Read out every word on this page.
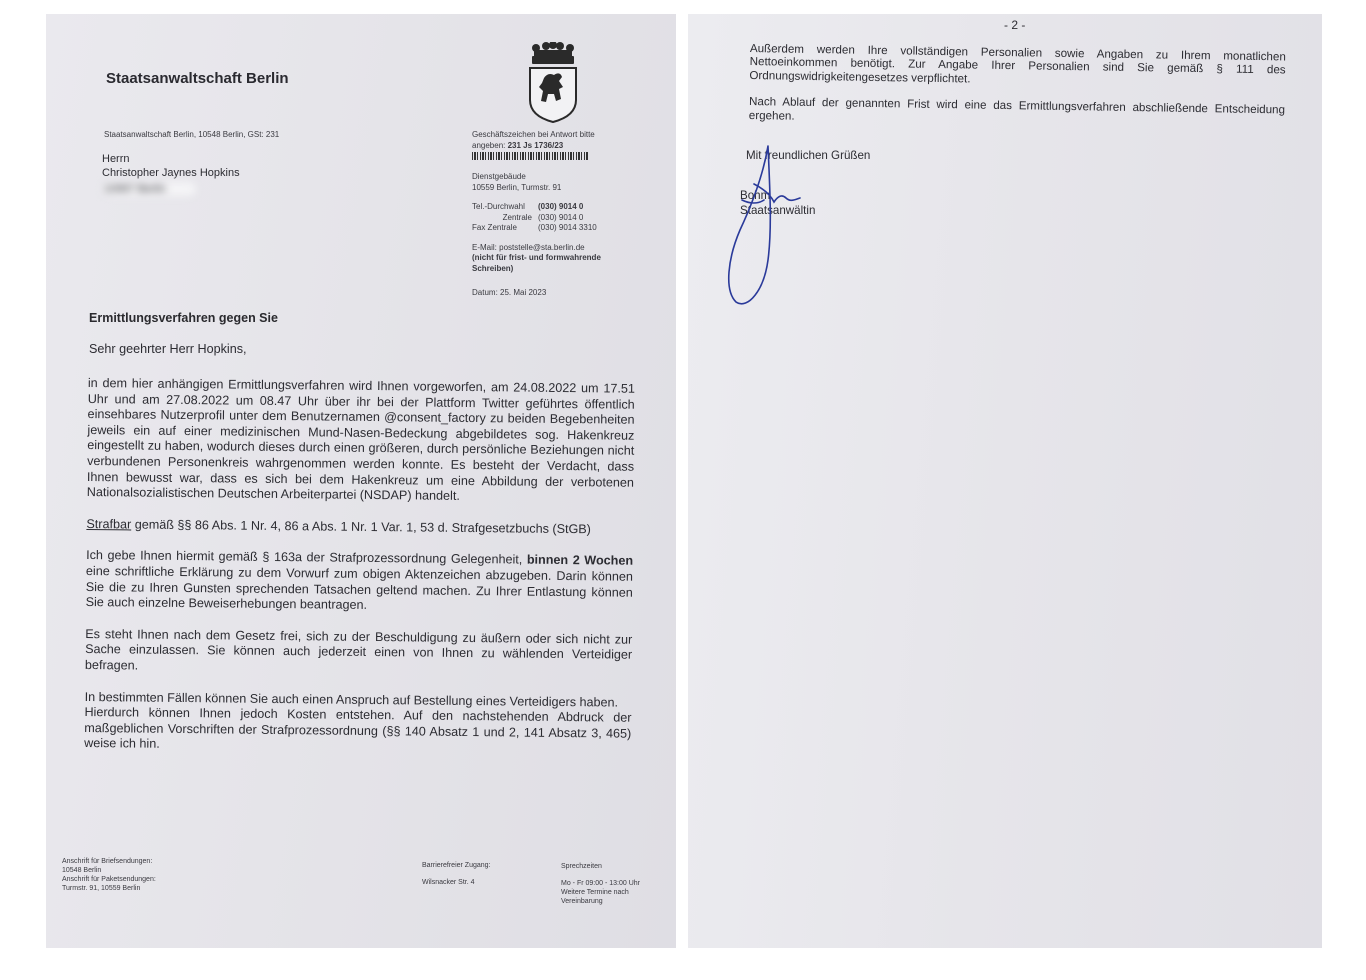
Staatsanwaltschaft Berlin
Staatsanwaltschaft Berlin, 10548 Berlin, GSt: 231
Herrn
Christopher Jaynes Hopkins
10997 Berlin
Geschäftszeichen bei Antwort bitte
angeben: 231 Js 1736/23
Dienstgebäude
10559 Berlin, Turmstr. 91
Tel.-Durchwahl	(030) 9014 0
Zentrale (030) 9014 0
Fax Zentrale	(030) 9014 3310
E-Mail: poststelle@sta.berlin.de
(nicht für frist- und formwahrende Schreiben)
Datum: 25. Mai 2023
Ermittlungsverfahren gegen Sie
Sehr geehrter Herr Hopkins,

in dem hier anhängigen Ermittlungsverfahren wird Ihnen vorgeworfen, am 24.08.2022 um 17.51 Uhr und am 27.08.2022 um 08.47 Uhr über ihr bei der Plattform Twitter geführtes öffentlich einsehbares Nutzerprofil unter dem Benutzernamen @consent_factory zu beiden Begebenheiten jeweils ein auf einer medizinischen Mund-Nasen-Bedeckung abgebildetes sog. Hakenkreuz eingestellt zu haben, wodurch dieses durch einen größeren, durch persönliche Beziehungen nicht verbundenen Personenkreis wahrgenommen werden konnte. Es besteht der Verdacht, dass Ihnen bewusst war, dass es sich bei dem Hakenkreuz um eine Abbildung der verbotenen Nationalsozialistischen Deutschen Arbeiterpartei (NSDAP) handelt.

Strafbar gemäß §§ 86 Abs. 1 Nr. 4, 86 a Abs. 1 Nr. 1 Var. 1, 53 d. Strafgesetzbuchs (StGB)

Ich gebe Ihnen hiermit gemäß § 163a der Strafprozessordnung Gelegenheit, binnen 2 Wochen eine schriftliche Erklärung zu dem Vorwurf zum obigen Aktenzeichen abzugeben. Darin können Sie die zu Ihren Gunsten sprechenden Tatsachen geltend machen. Zu Ihrer Entlastung können Sie auch einzelne Beweiserhebungen beantragen.

Es steht Ihnen nach dem Gesetz frei, sich zu der Beschuldigung zu äußern oder sich nicht zur Sache einzulassen. Sie können auch jederzeit einen von Ihnen zu wählenden Verteidiger befragen.

In bestimmten Fällen können Sie auch einen Anspruch auf Bestellung eines Verteidigers haben.

Hierdurch können Ihnen jedoch Kosten entstehen. Auf den nachstehenden Abdruck der maßgeblichen Vorschriften der Strafprozessordnung (§§ 140 Absatz 1 und 2, 141 Absatz 3, 465) weise ich hin.

Anschrift für Briefsendungen:
10548 Berlin
Anschrift für Paketsendungen:
Turmstr. 91, 10559 Berlin
Barrierefreier Zugang:
Wilsnacker Str. 4
Sprechzeiten
Mo - Fr 09:00 - 13:00 Uhr
Weitere Termine nach
Vereinbarung
- 2 -

Außerdem werden Ihre vollständigen Personalien sowie Angaben zu Ihrem monatlichen Nettoeinkommen benötigt. Zur Angabe Ihrer Personalien sind Sie gemäß § 111 des Ordnungswidrigkeitengesetzes verpflichtet.

Nach Ablauf der genannten Frist wird eine das Ermittlungsverfahren abschließende Entscheidung ergehen.

Mit freundlichen Grüßen
Bohm
Staatsanwältin
